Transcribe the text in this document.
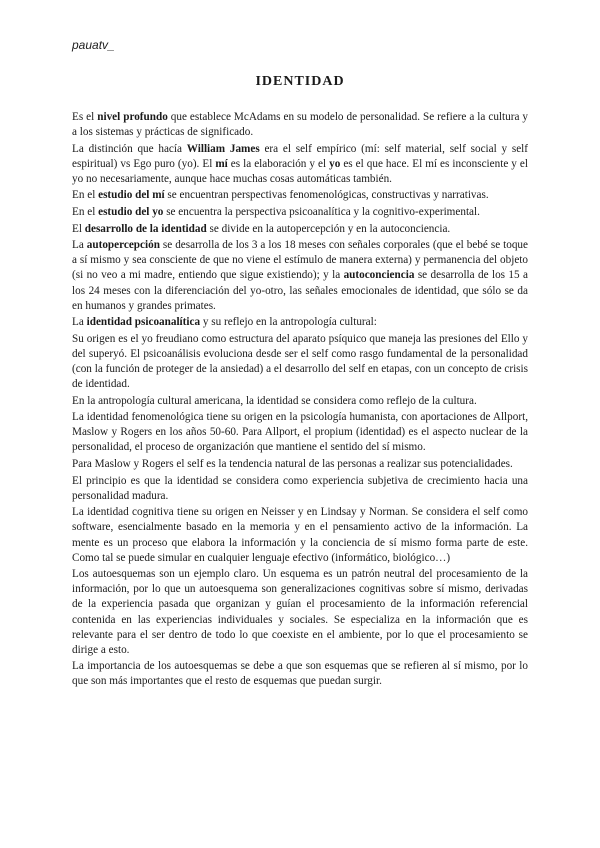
pauatv_
IDENTIDAD

Es el nivel profundo que establece McAdams en su modelo de personalidad. Se refiere a la cultura y a los sistemas y prácticas de significado.

La distinción que hacía William James era el self empírico (mí: self material, self social y self espiritual) vs Ego puro (yo). El mí es la elaboración y el yo es el que hace. El mí es inconsciente y el yo no necesariamente, aunque hace muchas cosas automáticas también.

En el estudio del mí se encuentran perspectivas fenomenológicas, constructivas y narrativas.

En el estudio del yo se encuentra la perspectiva psicoanalítica y la cognitivo-experimental.

El desarrollo de la identidad se divide en la autopercepción y en la autoconciencia.

La autopercepción se desarrolla de los 3 a los 18 meses con señales corporales (que el bebé se toque a sí mismo y sea consciente de que no viene el estímulo de manera externa) y permanencia del objeto (si no veo a mi madre, entiendo que sigue existiendo); y la autoconciencia se desarrolla de los 15 a los 24 meses con la diferenciación del yo-otro, las señales emocionales de identidad, que sólo se da en humanos y grandes primates.

La identidad psicoanalítica y su reflejo en la antropología cultural:

Su origen es el yo freudiano como estructura del aparato psíquico que maneja las presiones del Ello y del superyó. El psicoanálisis evoluciona desde ser el self como rasgo fundamental de la personalidad (con la función de proteger de la ansiedad) a el desarrollo del self en etapas, con un concepto de crisis de identidad.

En la antropología cultural americana, la identidad se considera como reflejo de la cultura.

La identidad fenomenológica tiene su origen en la psicología humanista, con aportaciones de Allport, Maslow y Rogers en los años 50-60. Para Allport, el propium (identidad) es el aspecto nuclear de la personalidad, el proceso de organización que mantiene el sentido del sí mismo.

Para Maslow y Rogers el self es la tendencia natural de las personas a realizar sus potencialidades.

El principio es que la identidad se considera como experiencia subjetiva de crecimiento hacia una personalidad madura.

La identidad cognitiva tiene su origen en Neisser y en Lindsay y Norman. Se considera el self como software, esencialmente basado en la memoria y en el pensamiento activo de la información. La mente es un proceso que elabora la información y la conciencia de sí mismo forma parte de este. Como tal se puede simular en cualquier lenguaje efectivo (informático, biológico…)

Los autoesquemas son un ejemplo claro. Un esquema es un patrón neutral del procesamiento de la información, por lo que un autoesquema son generalizaciones cognitivas sobre sí mismo, derivadas de la experiencia pasada que organizan y guían el procesamiento de la información referencial contenida en las experiencias individuales y sociales. Se especializa en la información que es relevante para el ser dentro de todo lo que coexiste en el ambiente, por lo que el procesamiento se dirige a esto.

La importancia de los autoesquemas se debe a que son esquemas que se refieren al sí mismo, por lo que son más importantes que el resto de esquemas que puedan surgir.
